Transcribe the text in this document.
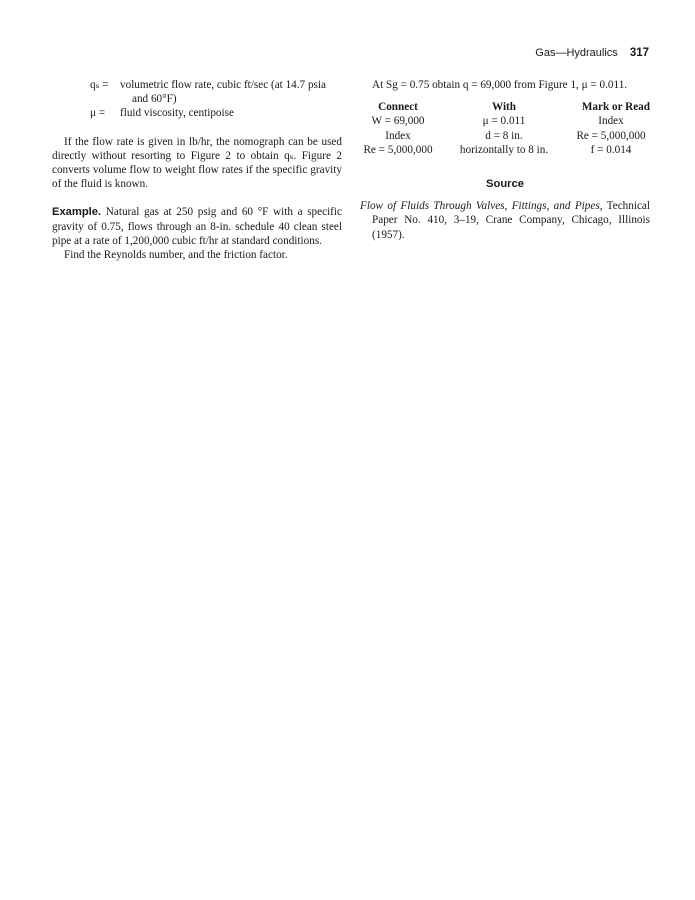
Gas—Hydraulics 317
qₛ =	volumetric flow rate, cubic ft/sec (at 14.7 psia
and 60°F)
μ =	fluid viscosity, centipoise

If the flow rate is given in lb/hr, the nomograph can be used directly without resorting to Figure 2 to obtain qₛ. Figure 2 converts volume flow to weight flow rates if the specific gravity of the fluid is known.

Example. Natural gas at 250 psig and 60 °F with a specific gravity of 0.75, flows through an 8-in. schedule 40 clean steel pipe at a rate of 1,200,000 cubic ft/hr at standard conditions.

Find the Reynolds number, and the friction factor.

At Sg = 0.75 obtain q = 69,000 from Figure 1, μ = 0.011.

Connect	With	Mark or Read
W = 69,000	μ = 0.011	Index
Index	d = 8 in.	Re = 5,000,000
Re = 5,000,000	horizontally to 8 in.	f = 0.014
Source

Flow of Fluids Through Valves, Fittings, and Pipes, Technical Paper No. 410, 3–19, Crane Company, Chicago, Illinois (1957).
